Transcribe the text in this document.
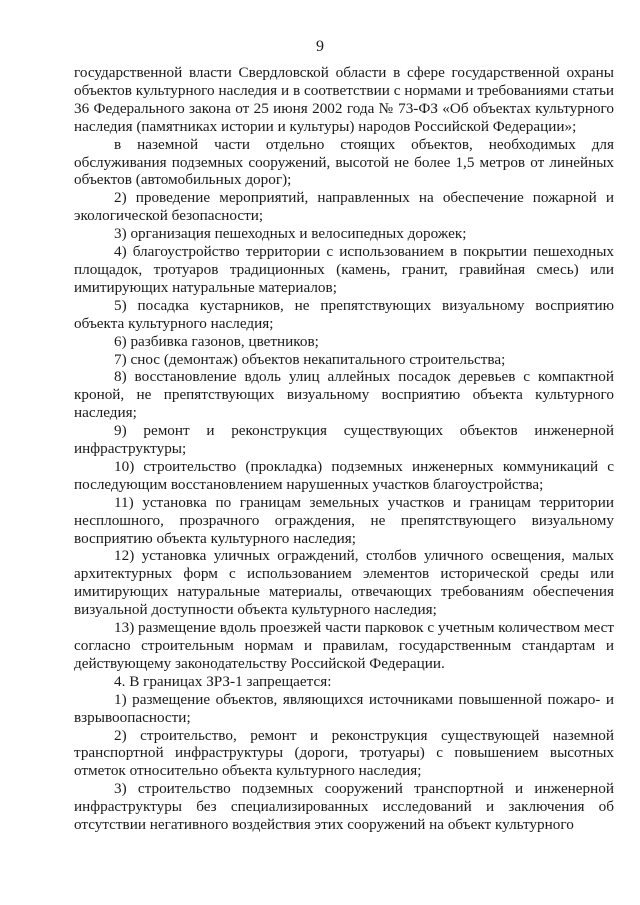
9

государственной власти Свердловской области в сфере государственной охраны объектов культурного наследия и в соответствии с нормами и требованиями статьи 36 Федерального закона от 25 июня 2002 года № 73-ФЗ «Об объектах культурного наследия (памятниках истории и культуры) народов Российской Федерации»;

в наземной части отдельно стоящих объектов, необходимых для обслуживания подземных сооружений, высотой не более 1,5 метров от линейных объектов (автомобильных дорог);

2) проведение мероприятий, направленных на обеспечение пожарной и экологической безопасности;

3) организация пешеходных и велосипедных дорожек;

4) благоустройство территории с использованием в покрытии пешеходных площадок, тротуаров традиционных (камень, гранит, гравийная смесь) или имитирующих натуральные материалов;

5) посадка кустарников, не препятствующих визуальному восприятию объекта культурного наследия;

6) разбивка газонов, цветников;

7) снос (демонтаж) объектов некапитального строительства;

8) восстановление вдоль улиц аллейных посадок деревьев с компактной кроной, не препятствующих визуальному восприятию объекта культурного наследия;

9) ремонт и реконструкция существующих объектов инженерной инфраструктуры;

10) строительство (прокладка) подземных инженерных коммуникаций с последующим восстановлением нарушенных участков благоустройства;

11) установка по границам земельных участков и границам территории несплошного, прозрачного ограждения, не препятствующего визуальному восприятию объекта культурного наследия;

12) установка уличных ограждений, столбов уличного освещения, малых архитектурных форм с использованием элементов исторической среды или имитирующих натуральные материалы, отвечающих требованиям обеспечения визуальной доступности объекта культурного наследия;

13) размещение вдоль проезжей части парковок с учетным количеством мест согласно строительным нормам и правилам, государственным стандартам и действующему законодательству Российской Федерации.

4. В границах ЗРЗ-1 запрещается:

1) размещение объектов, являющихся источниками повышенной пожаро- и взрывоопасности;

2) строительство, ремонт и реконструкция существующей наземной транспортной инфраструктуры (дороги, тротуары) с повышением высотных отметок относительно объекта культурного наследия;

3) строительство подземных сооружений транспортной и инженерной инфраструктуры без специализированных исследований и заключения об отсутствии негативного воздействия этих сооружений на объект культурного
